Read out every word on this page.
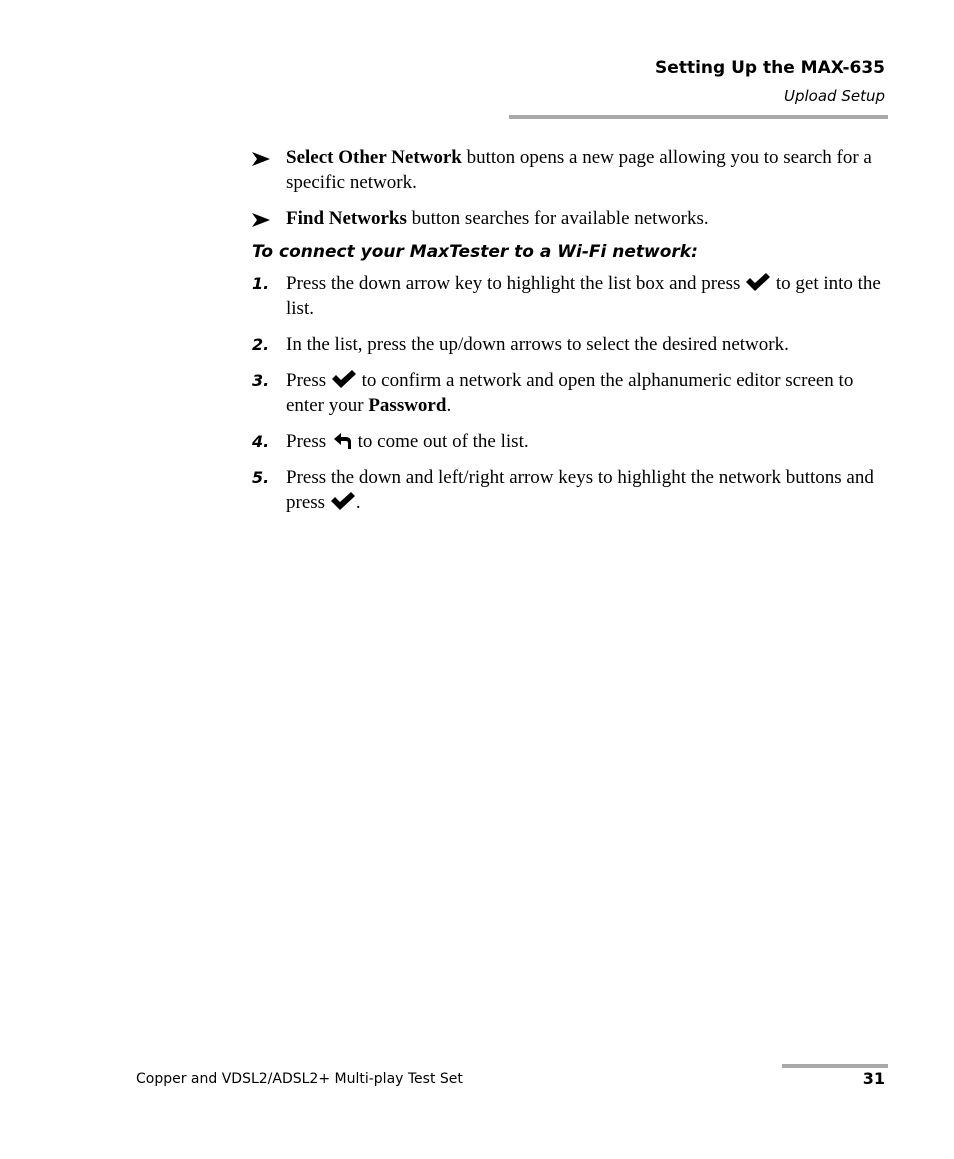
Setting Up the MAX-635
Upload Setup
Select Other Network button opens a new page allowing you to search for a specific network.
Find Networks button searches for available networks.
To connect your MaxTester to a Wi-Fi network:
1. Press the down arrow key to highlight the list box and press  to get into the list.
2. In the list, press the up/down arrows to select the desired network.
3. Press  to confirm a network and open the alphanumeric editor screen to enter your Password.
4. Press  to come out of the list.
5. Press the down and left/right arrow keys to highlight the network buttons and press .
Copper and VDSL2/ADSL2+ Multi-play Test Set	31
